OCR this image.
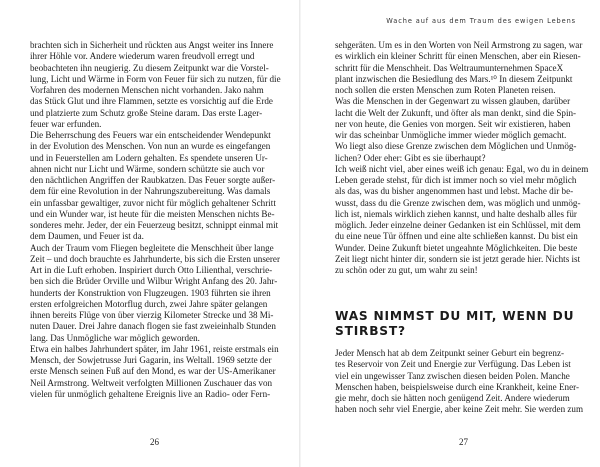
brachten sich in Sicherheit und rückten aus Angst weiter ins Innere
ihrer Höhle vor. Andere wiederum waren freudvoll erregt und
beobachteten ihn neugierig. Zu diesem Zeitpunkt war die Vorstel-
lung, Licht und Wärme in Form von Feuer für sich zu nutzen, für die
Vorfahren des modernen Menschen nicht vorhanden. Jako nahm
das Stück Glut und ihre Flammen, setzte es vorsichtig auf die Erde
und platzierte zum Schutz große Steine daram. Das erste Lager-
feuer war erfunden.
Die Beherrschung des Feuers war ein entscheidender Wendepunkt
in der Evolution des Menschen. Von nun an wurde es eingefangen
und in Feuerstellen am Lodern gehalten. Es spendete unseren Ur-
ahnen nicht nur Licht und Wärme, sondern schützte sie auch vor
den nächtlichen Angriffen der Raubkatzen. Das Feuer sorgte außer-
dem für eine Revolution in der Nahrungszubereitung. Was damals
ein unfassbar gewaltiger, zuvor nicht für möglich gehaltener Schritt
und ein Wunder war, ist heute für die meisten Menschen nichts Be-
sonderes mehr. Jeder, der ein Feuerzeug besitzt, schnippt einmal mit
dem Daumen, und Feuer ist da.
Auch der Traum vom Fliegen begleitete die Menschheit über lange
Zeit – und doch brauchte es Jahrhunderte, bis sich die Ersten unserer
Art in die Luft erhoben. Inspiriert durch Otto Lilienthal, verschrie-
ben sich die Brüder Orville und Wilbur Wright Anfang des 20. Jahr-
hunderts der Konstruktion von Flugzeugen. 1903 führten sie ihren
ersten erfolgreichen Motorflug durch, zwei Jahre später gelangen
ihnen bereits Flüge von über vierzig Kilometer Strecke und 38 Mi-
nuten Dauer. Drei Jahre danach flogen sie fast zweieinhalb Stunden
lang. Das Unmögliche war möglich geworden.
Etwa ein halbes Jahrhundert später, im Jahr 1961, reiste erstmals ein
Mensch, der Sowjetrusse Juri Gagarin, ins Weltall. 1969 setzte der
erste Mensch seinen Fuß auf den Mond, es war der US-Amerikaner
Neil Armstrong. Weltweit verfolgten Millionen Zuschauer das von
vielen für unmöglich gehaltene Ereignis live an Radio- oder Fern-
26
Wache auf aus dem Traum des ewigen Lebens
sehgeräten. Um es in den Worten von Neil Armstrong zu sagen, war
es wirklich ein kleiner Schritt für einen Menschen, aber ein Riesen-
schritt für die Menschheit. Das Weltraumunternehmen SpaceX
plant inzwischen die Besiedlung des Mars.¹⁰ In diesem Zeitpunkt
noch sollen die ersten Menschen zum Roten Planeten reisen.
Was die Menschen in der Gegenwart zu wissen glauben, darüber
lacht die Welt der Zukunft, und öfter als man denkt, sind die Spin-
ner von heute, die Genies von morgen. Seit wir existieren, haben
wir das scheinbar Unmögliche immer wieder möglich gemacht.
Wo liegt also diese Grenze zwischen dem Möglichen und Unmög-
lichen? Oder eher: Gibt es sie überhaupt?
Ich weiß nicht viel, aber eines weiß ich genau: Egal, wo du in deinem
Leben gerade stehst, für dich ist immer noch so viel mehr möglich
als das, was du bisher angenommen hast und lebst. Mache dir be-
wusst, dass du die Grenze zwischen dem, was möglich und unmög-
lich ist, niemals wirklich ziehen kannst, und halte deshalb alles für
möglich. Jeder einzelne deiner Gedanken ist ein Schlüssel, mit dem
du eine neue Tür öffnen und eine alte schließen kannst. Du bist ein
Wunder. Deine Zukunft bietet ungeahnte Möglichkeiten. Die beste
Zeit liegt nicht hinter dir, sondern sie ist jetzt gerade hier. Nichts ist
zu schön oder zu gut, um wahr zu sein!
WAS NIMMST DU MIT, WENN DU
STIRBST?
Jeder Mensch hat ab dem Zeitpunkt seiner Geburt ein begrenz-
tes Reservoir von Zeit und Energie zur Verfügung. Das Leben ist
viel ein ungewisser Tanz zwischen diesen beiden Polen. Manche
Menschen haben, beispielsweise durch eine Krankheit, keine Ener-
gie mehr, doch sie hätten noch genügend Zeit. Andere wiederum
haben noch sehr viel Energie, aber keine Zeit mehr. Sie werden zum
27
